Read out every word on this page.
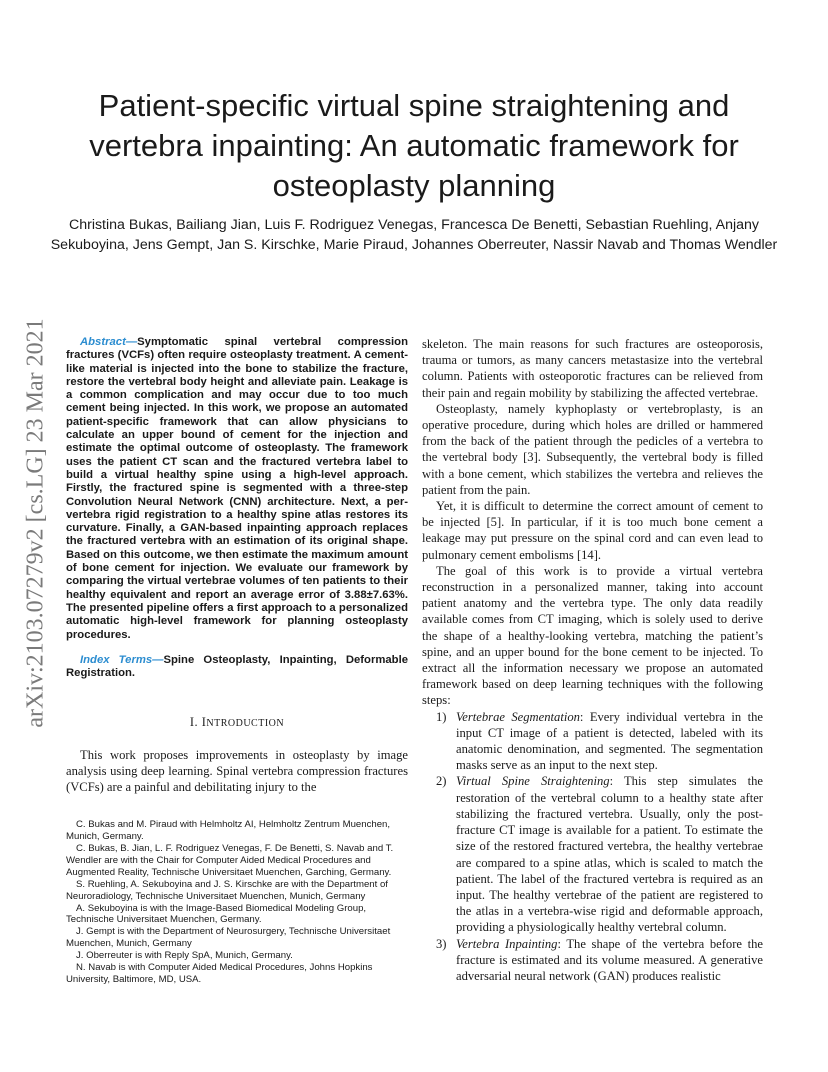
Patient-specific virtual spine straightening and vertebra inpainting: An automatic framework for osteoplasty planning

Christina Bukas, Bailiang Jian, Luis F. Rodriguez Venegas, Francesca De Benetti, Sebastian Ruehling, Anjany Sekuboyina, Jens Gempt, Jan S. Kirschke, Marie Piraud, Johannes Oberreuter, Nassir Navab and Thomas Wendler

arXiv:2103.07279v2 [cs.LG] 23 Mar 2021	Abstract—Symptomatic spinal vertebral compression fractures (VCFs) often require osteoplasty treatment. A cement-like material is injected into the bone to stabilize the fracture, restore the vertebral body height and alleviate pain. Leakage is a common complication and may occur due to too much cement being injected. In this work, we propose an automated patient-specific framework that can allow physicians to calculate an upper bound of cement for the injection and estimate the optimal outcome of osteoplasty. The framework uses the patient CT scan and the fractured vertebra label to build a virtual healthy spine using a high-level approach. Firstly, the fractured spine is segmented with a three-step Convolution Neural Network (CNN) architecture. Next, a per-vertebra rigid registration to a healthy spine atlas restores its curvature. Finally, a GAN-based inpainting approach replaces the fractured vertebra with an estimation of its original shape. Based on this outcome, we then estimate the maximum amount of bone cement for injection. We evaluate our framework by comparing the virtual vertebrae volumes of ten patients to their healthy equivalent and report an average error of 3.88±7.63%. The presented pipeline offers a first approach to a personalized automatic high-level framework for planning osteoplasty procedures.

Index Terms—Spine Osteoplasty, Inpainting, Deformable Registration.

I. INTRODUCTION

This work proposes improvements in osteoplasty by image analysis using deep learning. Spinal vertebra compression fractures (VCFs) are a painful and debilitating injury to the

C. Bukas and M. Piraud with Helmholtz AI, Helmholtz Zentrum Muenchen, Munich, Germany.

C. Bukas, B. Jian, L. F. Rodriguez Venegas, F. De Benetti, S. Navab and T. Wendler are with the Chair for Computer Aided Medical Procedures and Augmented Reality, Technische Universitaet Muenchen, Garching, Germany.

S. Ruehling, A. Sekuboyina and J. S. Kirschke are with the Department of Neuroradiology, Technische Universitaet Muenchen, Munich, Germany

A. Sekuboyina is with the Image-Based Biomedical Modeling Group, Technische Universitaet Muenchen, Germany.

J. Gempt is with the Department of Neurosurgery, Technische Universitaet Muenchen, Munich, Germany

J. Oberreuter is with Reply SpA, Munich, Germany.

N. Navab is with Computer Aided Medical Procedures, Johns Hopkins University, Baltimore, MD, USA.

skeleton. The main reasons for such fractures are osteoporosis, trauma or tumors, as many cancers metastasize into the vertebral column. Patients with osteoporotic fractures can be relieved from their pain and regain mobility by stabilizing the affected vertebrae.

Osteoplasty, namely kyphoplasty or vertebroplasty, is an operative procedure, during which holes are drilled or hammered from the back of the patient through the pedicles of a vertebra to the vertebral body [3]. Subsequently, the vertebral body is filled with a bone cement, which stabilizes the vertebra and relieves the patient from the pain.

Yet, it is difficult to determine the correct amount of cement to be injected [5]. In particular, if it is too much bone cement a leakage may put pressure on the spinal cord and can even lead to pulmonary cement embolisms [14].

The goal of this work is to provide a virtual vertebra reconstruction in a personalized manner, taking into account patient anatomy and the vertebra type. The only data readily available comes from CT imaging, which is solely used to derive the shape of a healthy-looking vertebra, matching the patient’s spine, and an upper bound for the bone cement to be injected. To extract all the information necessary we propose an automated framework based on deep learning techniques with the following steps:

1) Vertebrae Segmentation: Every individual vertebra in the input CT image of a patient is detected, labeled with its anatomic denomination, and segmented. The segmentation masks serve as an input to the next step.
2) Virtual Spine Straightening: This step simulates the restoration of the vertebral column to a healthy state after stabilizing the fractured vertebra. Usually, only the post-fracture CT image is available for a patient. To estimate the size of the restored fractured vertebra, the healthy vertebrae are compared to a spine atlas, which is scaled to match the patient. The label of the fractured vertebra is required as an input. The healthy vertebrae of the patient are registered to the atlas in a vertebra-wise rigid and deformable approach, providing a physiologically healthy vertebral column.
3) Vertebra Inpainting: The shape of the vertebra before the fracture is estimated and its volume measured. A generative adversarial neural network (GAN) produces realistic
